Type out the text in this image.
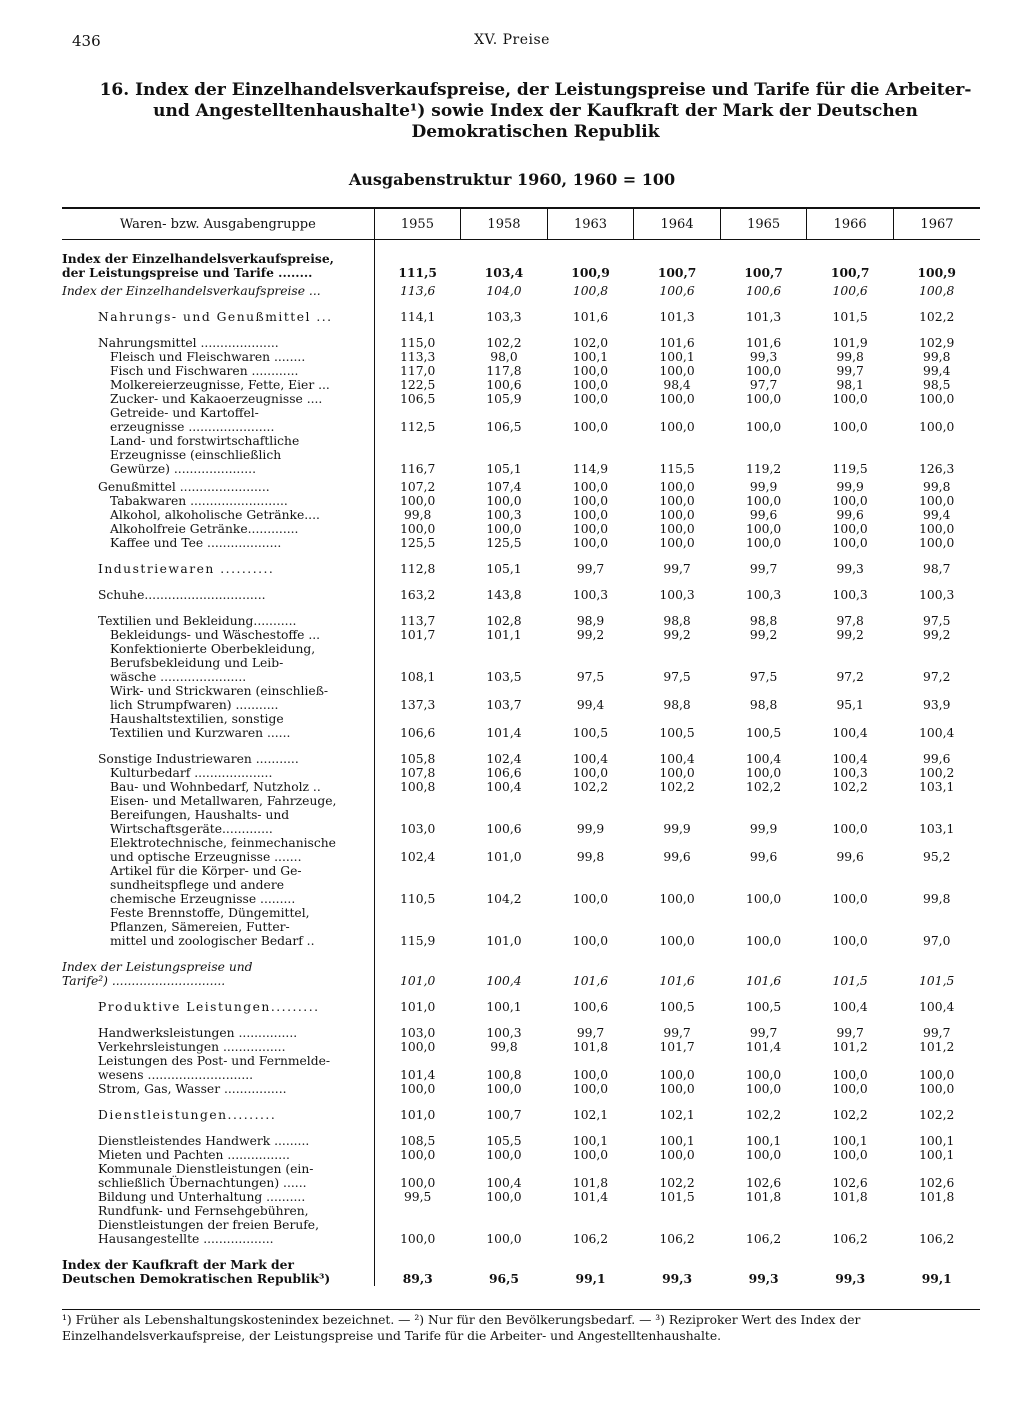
436	XV. Preise
16. Index der Einzelhandelsverkaufspreise, der Leistungspreise und Tarife für die Arbeiter- und Angestelltenhaushalte¹) sowie Index der Kaufkraft der Mark der Deutschen Demokratischen Republik
Ausgabenstruktur 1960, 1960 = 100
Waren- bzw. Ausgabengruppe	1955	1958	1963	1964	1965	1966	1967
Index der Einzelhandelsverkaufspreise,
der Leistungspreise und Tarife ........	111,5	103,4	100,9	100,7	100,7	100,7	100,9
Index der Einzelhandelsverkaufspreise ...	113,6	104,0	100,8	100,6	100,6	100,6	100,8
Nahrungs- und Genußmittel ...	114,1	103,3	101,6	101,3	101,3	101,5	102,2
Nahrungsmittel ....................	115,0	102,2	102,0	101,6	101,6	101,9	102,9
Fleisch und Fleischwaren ........	113,3	98,0	100,1	100,1	99,3	99,8	99,8
Fisch und Fischwaren ............	117,0	117,8	100,0	100,0	100,0	99,7	99,4
Molkereierzeugnisse, Fette, Eier ...	122,5	100,6	100,0	98,4	97,7	98,1	98,5
Zucker- und Kakaoerzeugnisse ....	106,5	105,9	100,0	100,0	100,0	100,0	100,0
Getreide- und Kartoffel-
erzeugnisse ......................	112,5	106,5	100,0	100,0	100,0	100,0	100,0
Land- und forstwirtschaftliche
Erzeugnisse (einschließlich
Gewürze) .....................	116,7	105,1	114,9	115,5	119,2	119,5	126,3
Genußmittel .......................	107,2	107,4	100,0	100,0	99,9	99,9	99,8
Tabakwaren .........................	100,0	100,0	100,0	100,0	100,0	100,0	100,0
Alkohol, alkoholische Getränke....	99,8	100,3	100,0	100,0	99,6	99,6	99,4
Alkoholfreie Getränke.............	100,0	100,0	100,0	100,0	100,0	100,0	100,0
Kaffee und Tee ...................	125,5	125,5	100,0	100,0	100,0	100,0	100,0
Industriewaren ..........	112,8	105,1	99,7	99,7	99,7	99,3	98,7
Schuhe...............................	163,2	143,8	100,3	100,3	100,3	100,3	100,3
Textilien und Bekleidung...........	113,7	102,8	98,9	98,8	98,8	97,8	97,5
Bekleidungs- und Wäschestoffe ...	101,7	101,1	99,2	99,2	99,2	99,2	99,2
Konfektionierte Oberbekleidung,
Berufsbekleidung und Leib-
wäsche ......................	108,1	103,5	97,5	97,5	97,5	97,2	97,2
Wirk- und Strickwaren (einschließ-
lich Strumpfwaren) ...........	137,3	103,7	99,4	98,8	98,8	95,1	93,9
Haushaltstextilien, sonstige
Textilien und Kurzwaren ......	106,6	101,4	100,5	100,5	100,5	100,4	100,4
Sonstige Industriewaren ...........	105,8	102,4	100,4	100,4	100,4	100,4	99,6
Kulturbedarf ....................	107,8	106,6	100,0	100,0	100,0	100,3	100,2
Bau- und Wohnbedarf, Nutzholz ..	100,8	100,4	102,2	102,2	102,2	102,2	103,1
Eisen- und Metallwaren, Fahrzeuge,
Bereifungen, Haushalts- und
Wirtschaftsgeräte.............	103,0	100,6	99,9	99,9	99,9	100,0	103,1
Elektrotechnische, feinmechanische
und optische Erzeugnisse .......	102,4	101,0	99,8	99,6	99,6	99,6	95,2
Artikel für die Körper- und Ge-
sundheitspflege und andere
chemische Erzeugnisse .........	110,5	104,2	100,0	100,0	100,0	100,0	99,8
Feste Brennstoffe, Düngemittel,
Pflanzen, Sämereien, Futter-
mittel und zoologischer Bedarf ..	115,9	101,0	100,0	100,0	100,0	100,0	97,0
Index der Leistungspreise und
Tarife²) .............................	101,0	100,4	101,6	101,6	101,6	101,5	101,5
Produktive Leistungen.........	101,0	100,1	100,6	100,5	100,5	100,4	100,4
Handwerksleistungen ...............	103,0	100,3	99,7	99,7	99,7	99,7	99,7
Verkehrsleistungen ................	100,0	99,8	101,8	101,7	101,4	101,2	101,2
Leistungen des Post- und Fernmelde-
wesens ...........................	101,4	100,8	100,0	100,0	100,0	100,0	100,0
Strom, Gas, Wasser ................	100,0	100,0	100,0	100,0	100,0	100,0	100,0
Dienstleistungen.........	101,0	100,7	102,1	102,1	102,2	102,2	102,2
Dienstleistendes Handwerk .........	108,5	105,5	100,1	100,1	100,1	100,1	100,1
Mieten und Pachten ................	100,0	100,0	100,0	100,0	100,0	100,0	100,1
Kommunale Dienstleistungen (ein-
schließlich Übernachtungen) ......	100,0	100,4	101,8	102,2	102,6	102,6	102,6
Bildung und Unterhaltung ..........	99,5	100,0	101,4	101,5	101,8	101,8	101,8
Rundfunk- und Fernsehgebühren,
Dienstleistungen der freien Berufe,
Hausangestellte ..................	100,0	100,0	106,2	106,2	106,2	106,2	106,2
Index der Kaufkraft der Mark der
Deutschen Demokratischen Republik³)	89,3	96,5	99,1	99,3	99,3	99,3	99,1
¹) Früher als Lebenshaltungskostenindex bezeichnet. — ²) Nur für den Bevölkerungsbedarf. — ³) Reziproker Wert des Index der
Einzelhandelsverkaufspreise, der Leistungspreise und Tarife für die Arbeiter- und Angestelltenhaushalte.
